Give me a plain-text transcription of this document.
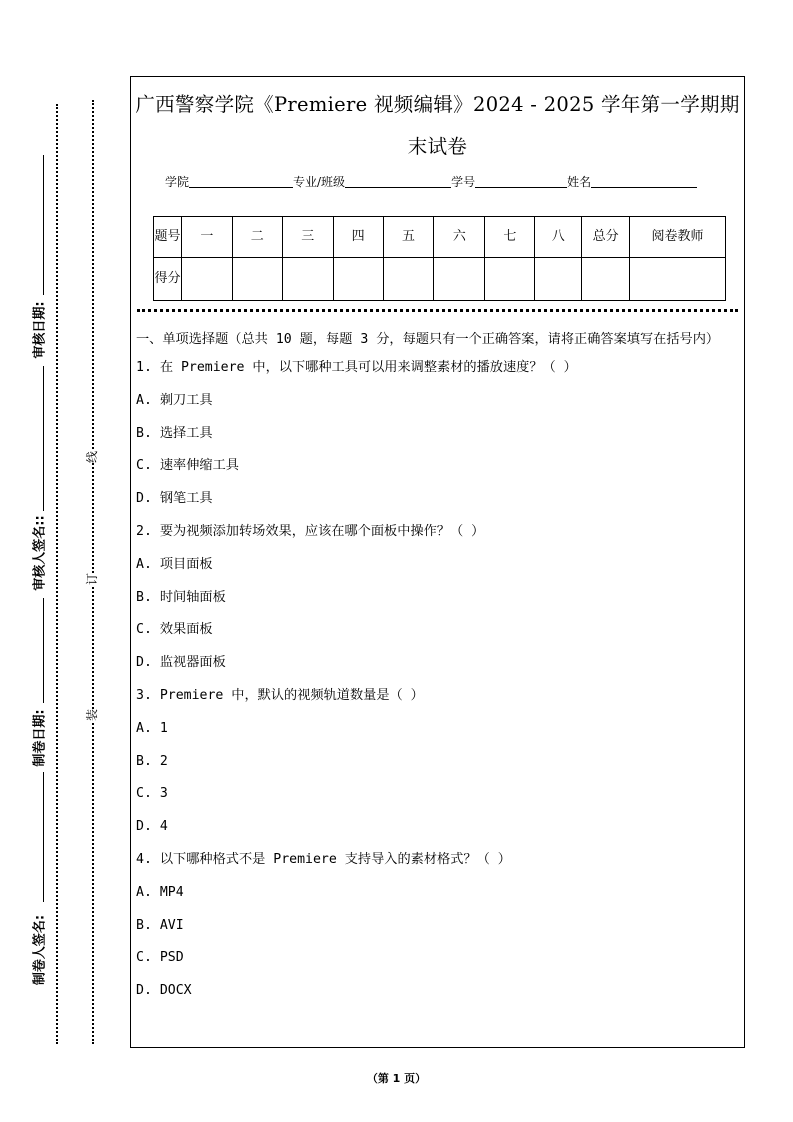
审核日期:
审核人签名::
制卷日期:
制卷人签名:
线
订
装
广西警察学院《Premiere 视频编辑》2024 - 2025 学年第一学期期
末试卷
学院	专业/班级	学号	姓名
题号	一	二	三	四	五	六	七	八	总分	阅卷教师
得分										
一、单项选择题（总共 10 题，每题 3 分，每题只有一个正确答案，请将正确答案填写在括号内）
1. 在 Premiere 中，以下哪种工具可以用来调整素材的播放速度？（ ）
A. 剃刀工具
B. 选择工具
C. 速率伸缩工具
D. 钢笔工具
2. 要为视频添加转场效果，应该在哪个面板中操作？（ ）
A. 项目面板
B. 时间轴面板
C. 效果面板
D. 监视器面板
3. Premiere 中，默认的视频轨道数量是（ ）
A. 1
B. 2
C. 3
D. 4
4. 以下哪种格式不是 Premiere 支持导入的素材格式？（ ）
A. MP4
B. AVI
C. PSD
D. DOCX
（第 1 页）
